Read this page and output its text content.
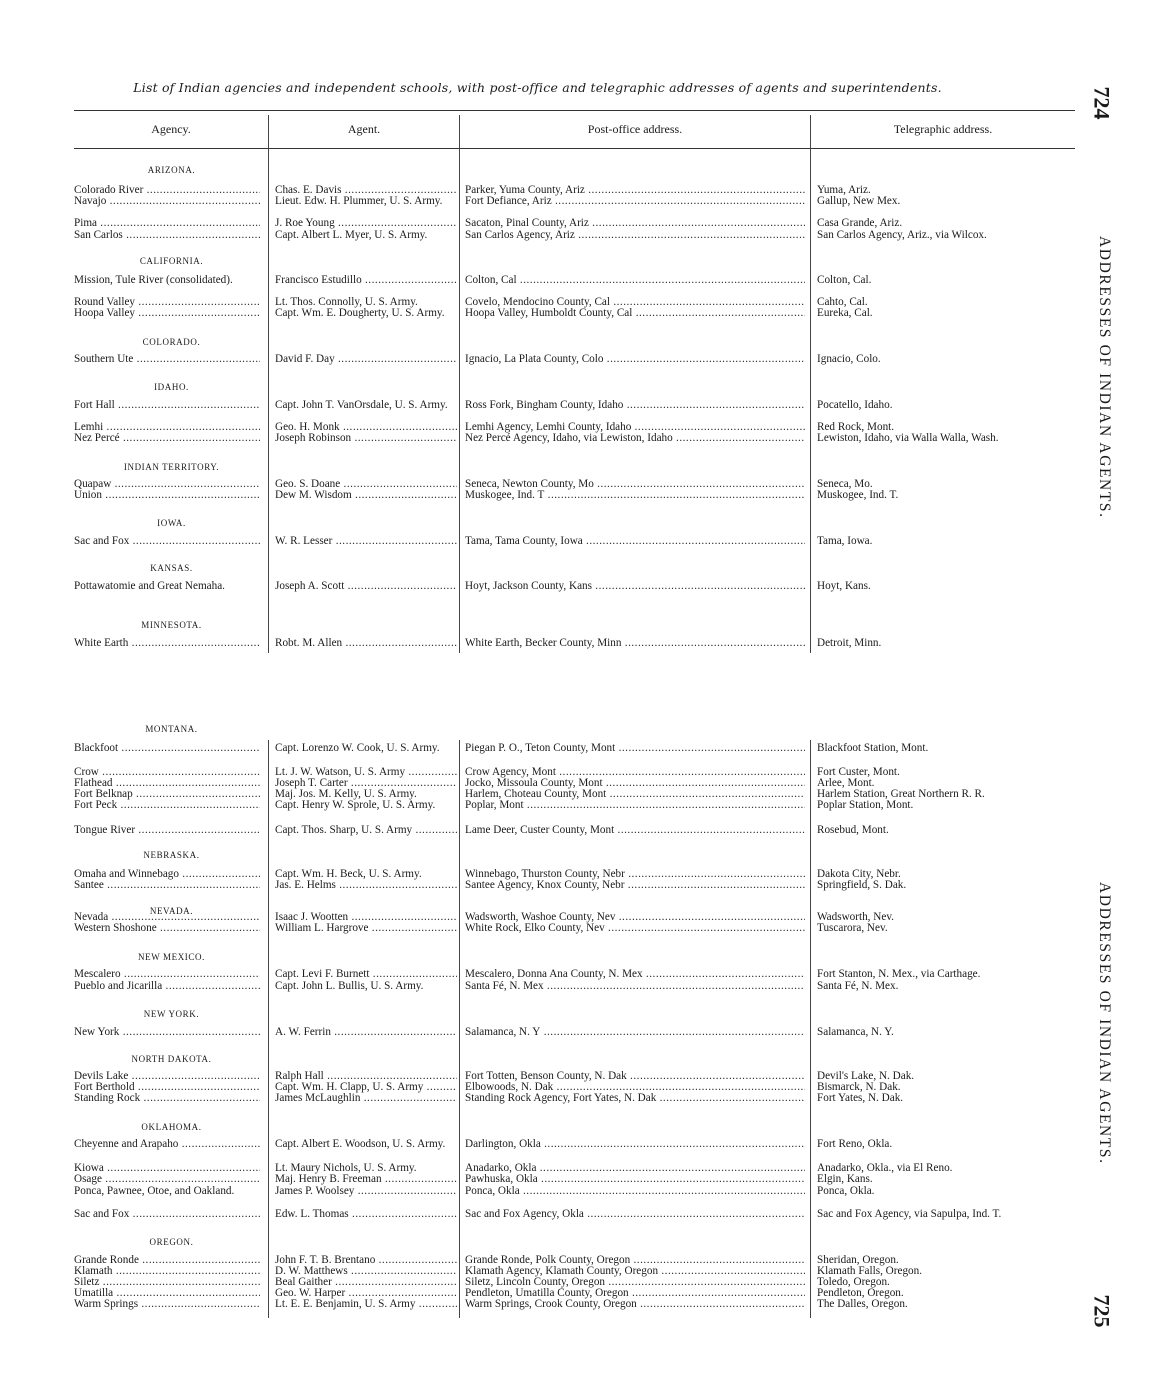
List of Indian agencies and independent schools, with post-office and telegraphic addresses of agents and superintendents.	724
725
ADDRESSES OF INDIAN AGENTS.
ADDRESSES OF INDIAN AGENTS.
Agency.	Agent.	Post-office address.	Telegraphic address.
ARIZONA.
Colorado River .....	Chas. E. Davis .....	Parker, Yuma County, Ariz .....	Yuma, Ariz.
Navajo .....	Lieut. Edw. H. Plummer, U. S. Army.	Fort Defiance, Ariz .....	Gallup, New Mex.
Pima .....	J. Roe Young .....	Sacaton, Pinal County, Ariz .....	Casa Grande, Ariz.
San Carlos .....	Capt. Albert L. Myer, U. S. Army.	San Carlos Agency, Ariz .....	San Carlos Agency, Ariz., via Wilcox.
CALIFORNIA.
Mission, Tule River (consolidated).	Francisco Estudillo .....	Colton, Cal .....	Colton, Cal.
Round Valley .....	Lt. Thos. Connolly, U. S. Army.	Covelo, Mendocino County, Cal .....	Cahto, Cal.
Hoopa Valley .....	Capt. Wm. E. Dougherty, U. S. Army.	Hoopa Valley, Humboldt County, Cal .....	Eureka, Cal.
COLORADO.
Southern Ute .....	David F. Day .....	Ignacio, La Plata County, Colo .....	Ignacio, Colo.
IDAHO.
Fort Hall .....	Capt. John T. VanOrsdale, U. S. Army.	Ross Fork, Bingham County, Idaho .....	Pocatello, Idaho.
Lemhi .....	Geo. H. Monk .....	Lemhi Agency, Lemhi County, Idaho .....	Red Rock, Mont.
Nez Percé .....	Joseph Robinson .....	Nez Percé Agency, Idaho, via Lewiston, Idaho .....	Lewiston, Idaho, via Walla Walla, Wash.
INDIAN TERRITORY.
Quapaw .....	Geo. S. Doane .....	Seneca, Newton County, Mo .....	Seneca, Mo.
Union .....	Dew M. Wisdom .....	Muskogee, Ind. T .....	Muskogee, Ind. T.
IOWA.
Sac and Fox .....	W. R. Lesser .....	Tama, Tama County, Iowa .....	Tama, Iowa.
KANSAS.
Pottawatomie and Great Nemaha.	Joseph A. Scott .....	Hoyt, Jackson County, Kans .....	Hoyt, Kans.
MINNESOTA.
White Earth .....	Robt. M. Allen .....	White Earth, Becker County, Minn .....	Detroit, Minn.
MONTANA.
Blackfoot .....	Capt. Lorenzo W. Cook, U. S. Army.	Piegan P. O., Teton County, Mont .....	Blackfoot Station, Mont.
Crow .....	Lt. J. W. Watson, U. S. Army .....	Crow Agency, Mont .....	Fort Custer, Mont.
Flathead .....	Joseph T. Carter .....	Jocko, Missoula County, Mont .....	Arlee, Mont.
Fort Belknap .....	Maj. Jos. M. Kelly, U. S. Army.	Harlem, Choteau County, Mont .....	Harlem Station, Great Northern R. R.
Fort Peck .....	Capt. Henry W. Sprole, U. S. Army.	Poplar, Mont .....	Poplar Station, Mont.
Tongue River .....	Capt. Thos. Sharp, U. S. Army .....	Lame Deer, Custer County, Mont .....	Rosebud, Mont.
NEBRASKA.
Omaha and Winnebago .....	Capt. Wm. H. Beck, U. S. Army.	Winnebago, Thurston County, Nebr .....	Dakota City, Nebr.
Santee .....	Jas. E. Helms .....	Santee Agency, Knox County, Nebr .....	Springfield, S. Dak.
NEVADA.
Nevada .....	Isaac J. Wootten .....	Wadsworth, Washoe County, Nev .....	Wadsworth, Nev.
Western Shoshone .....	William L. Hargrove .....	White Rock, Elko County, Nev .....	Tuscarora, Nev.
NEW MEXICO.
Mescalero .....	Capt. Levi F. Burnett .....	Mescalero, Donna Ana County, N. Mex .....	Fort Stanton, N. Mex., via Carthage.
Pueblo and Jicarilla .....	Capt. John L. Bullis, U. S. Army.	Santa Fé, N. Mex .....	Santa Fé, N. Mex.
NEW YORK.
New York .....	A. W. Ferrin .....	Salamanca, N. Y .....	Salamanca, N. Y.
NORTH DAKOTA.
Devils Lake .....	Ralph Hall .....	Fort Totten, Benson County, N. Dak .....	Devil's Lake, N. Dak.
Fort Berthold .....	Capt. Wm. H. Clapp, U. S. Army .....	Elbowoods, N. Dak .....	Bismarck, N. Dak.
Standing Rock .....	James McLaughlin .....	Standing Rock Agency, Fort Yates, N. Dak .....	Fort Yates, N. Dak.
OKLAHOMA.
Cheyenne and Arapaho .....	Capt. Albert E. Woodson, U. S. Army.	Darlington, Okla .....	Fort Reno, Okla.
Kiowa .....	Lt. Maury Nichols, U. S. Army.	Anadarko, Okla .....	Anadarko, Okla., via El Reno.
Osage .....	Maj. Henry B. Freeman .....	Pawhuska, Okla .....	Elgin, Kans.
Ponca, Pawnee, Otoe, and Oakland.	James P. Woolsey .....	Ponca, Okla .....	Ponca, Okla.
Sac and Fox .....	Edw. L. Thomas .....	Sac and Fox Agency, Okla .....	Sac and Fox Agency, via Sapulpa, Ind. T.
OREGON.
Grande Ronde .....	John F. T. B. Brentano .....	Grande Ronde, Polk County, Oregon .....	Sheridan, Oregon.
Klamath .....	D. W. Matthews .....	Klamath Agency, Klamath County, Oregon .....	Klamath Falls, Oregon.
Siletz .....	Beal Gaither .....	Siletz, Lincoln County, Oregon .....	Toledo, Oregon.
Umatilla .....	Geo. W. Harper .....	Pendleton, Umatilla County, Oregon .....	Pendleton, Oregon.
Warm Springs .....	Lt. E. E. Benjamin, U. S. Army .....	Warm Springs, Crook County, Oregon .....	The Dalles, Oregon.
